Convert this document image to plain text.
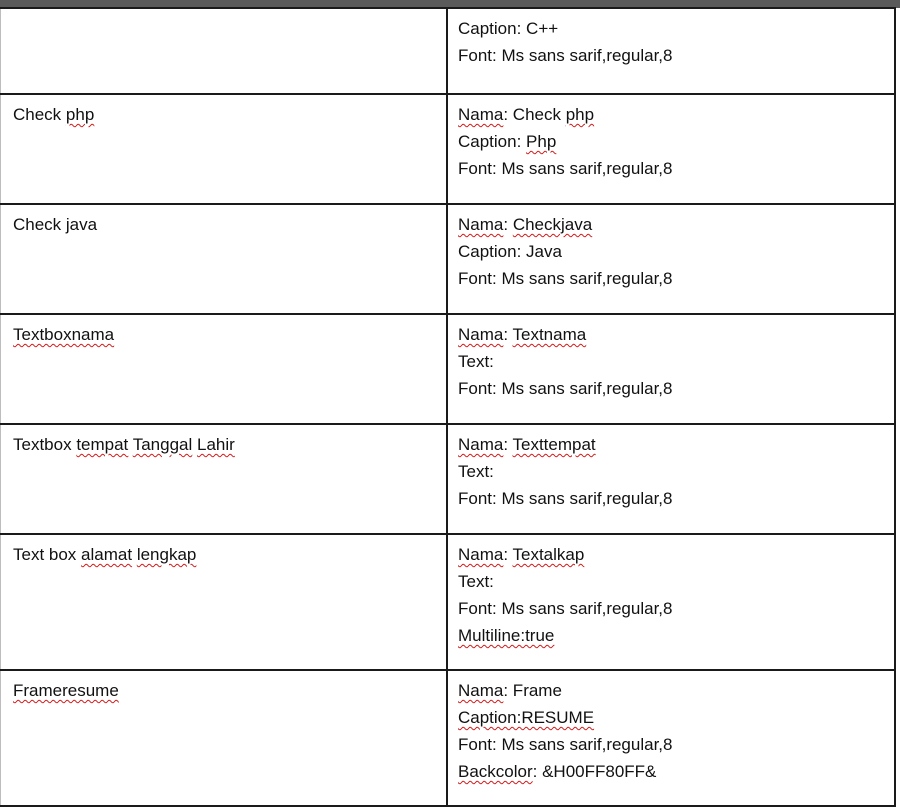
	Caption: C++
Font: Ms sans sarif,regular,8

Check php	Nama: Check php
Caption: Php
Font: Ms sans sarif,regular,8

Check java	Nama: Checkjava
Caption: Java
Font: Ms sans sarif,regular,8

Textboxnama	Nama: Textnama
Text:
Font: Ms sans sarif,regular,8

Textbox tempat Tanggal Lahir	Nama: Texttempat
Text:
Font: Ms sans sarif,regular,8

Text box alamat lengkap	Nama: Textalkap
Text:
Font: Ms sans sarif,regular,8
Multiline:true

Frameresume	Nama: Frame
Caption:RESUME
Font: Ms sans sarif,regular,8
Backcolor: &H00FF80FF&
